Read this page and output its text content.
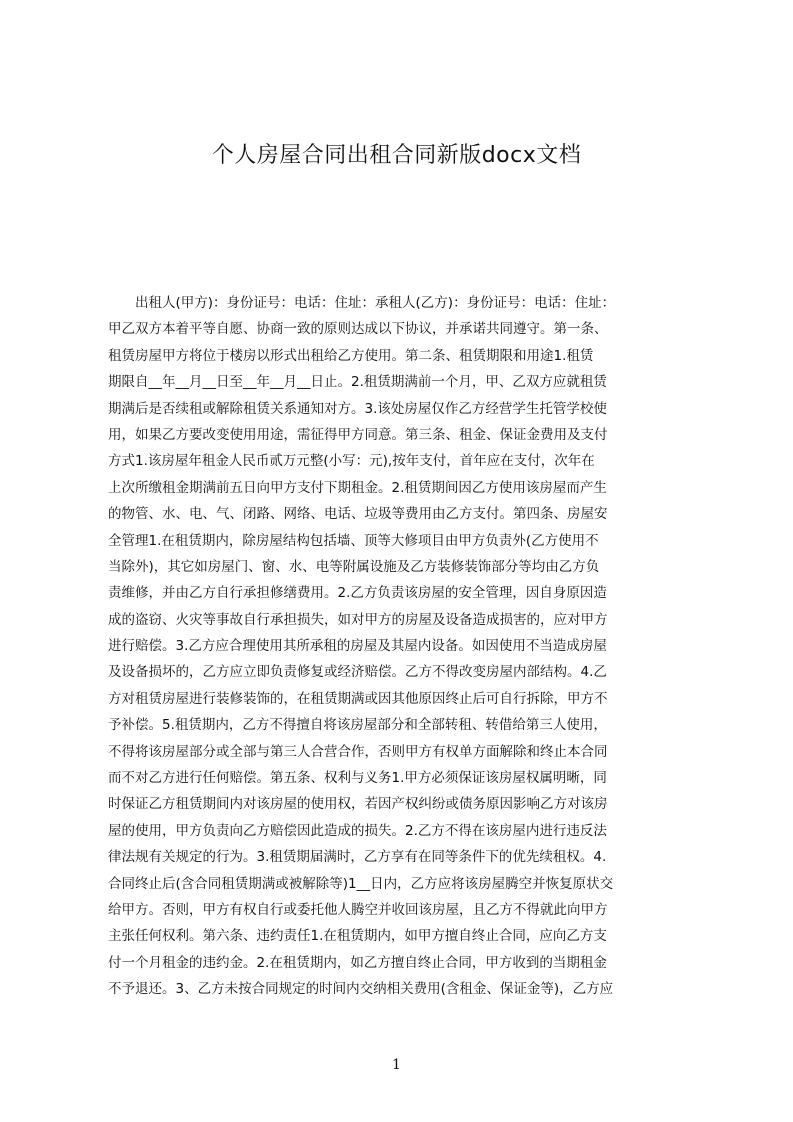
个人房屋合同出租合同新版docx文档
　　出租人(甲方)：身份证号：电话：住址：承租人(乙方)：身份证号：电话：住址：
甲乙双方本着平等自愿、协商一致的原则达成以下协议，并承诺共同遵守。第一条、
租赁房屋甲方将位于楼房以形式出租给乙方使用。第二条、租赁期限和用途1.租赁
期限自__年__月__日至__年__月__日止。2.租赁期满前一个月，甲、乙双方应就租赁
期满后是否续租或解除租赁关系通知对方。3.该处房屋仅作乙方经营学生托管学校使
用，如果乙方要改变使用用途，需征得甲方同意。第三条、租金、保证金费用及支付
方式1.该房屋年租金人民币贰万元整(小写：元),按年支付，首年应在支付，次年在
上次所缴租金期满前五日向甲方支付下期租金。2.租赁期间因乙方使用该房屋而产生
的物管、水、电、气、闭路、网络、电话、垃圾等费用由乙方支付。第四条、房屋安
全管理1.在租赁期内，除房屋结构包括墙、顶等大修项目由甲方负责外(乙方使用不
当除外)，其它如房屋门、窗、水、电等附属设施及乙方装修装饰部分等均由乙方负
责维修，并由乙方自行承担修缮费用。2.乙方负责该房屋的安全管理，因自身原因造
成的盗窃、火灾等事故自行承担损失，如对甲方的房屋及设备造成损害的，应对甲方
进行赔偿。3.乙方应合理使用其所承租的房屋及其屋内设备。如因使用不当造成房屋
及设备损坏的，乙方应立即负责修复或经济赔偿。乙方不得改变房屋内部结构。4.乙
方对租赁房屋进行装修装饰的，在租赁期满或因其他原因终止后可自行拆除，甲方不
予补偿。5.租赁期内，乙方不得擅自将该房屋部分和全部转租、转借给第三人使用，
不得将该房屋部分或全部与第三人合营合作，否则甲方有权单方面解除和终止本合同
而不对乙方进行任何赔偿。第五条、权利与义务1.甲方必须保证该房屋权属明晰，同
时保证乙方租赁期间内对该房屋的使用权，若因产权纠纷或债务原因影响乙方对该房
屋的使用，甲方负责向乙方赔偿因此造成的损失。2.乙方不得在该房屋内进行违反法
律法规有关规定的行为。3.租赁期届满时，乙方享有在同等条件下的优先续租权。4.
合同终止后(含合同租赁期满或被解除等)1__日内，乙方应将该房屋腾空并恢复原状交
给甲方。否则，甲方有权自行或委托他人腾空并收回该房屋，且乙方不得就此向甲方
主张任何权利。第六条、违约责任1.在租赁期内，如甲方擅自终止合同，应向乙方支
付一个月租金的违约金。2.在租赁期内，如乙方擅自终止合同，甲方收到的当期租金
不予退还。3、乙方未按合同规定的时间内交纳相关费用(含租金、保证金等)，乙方应
1
